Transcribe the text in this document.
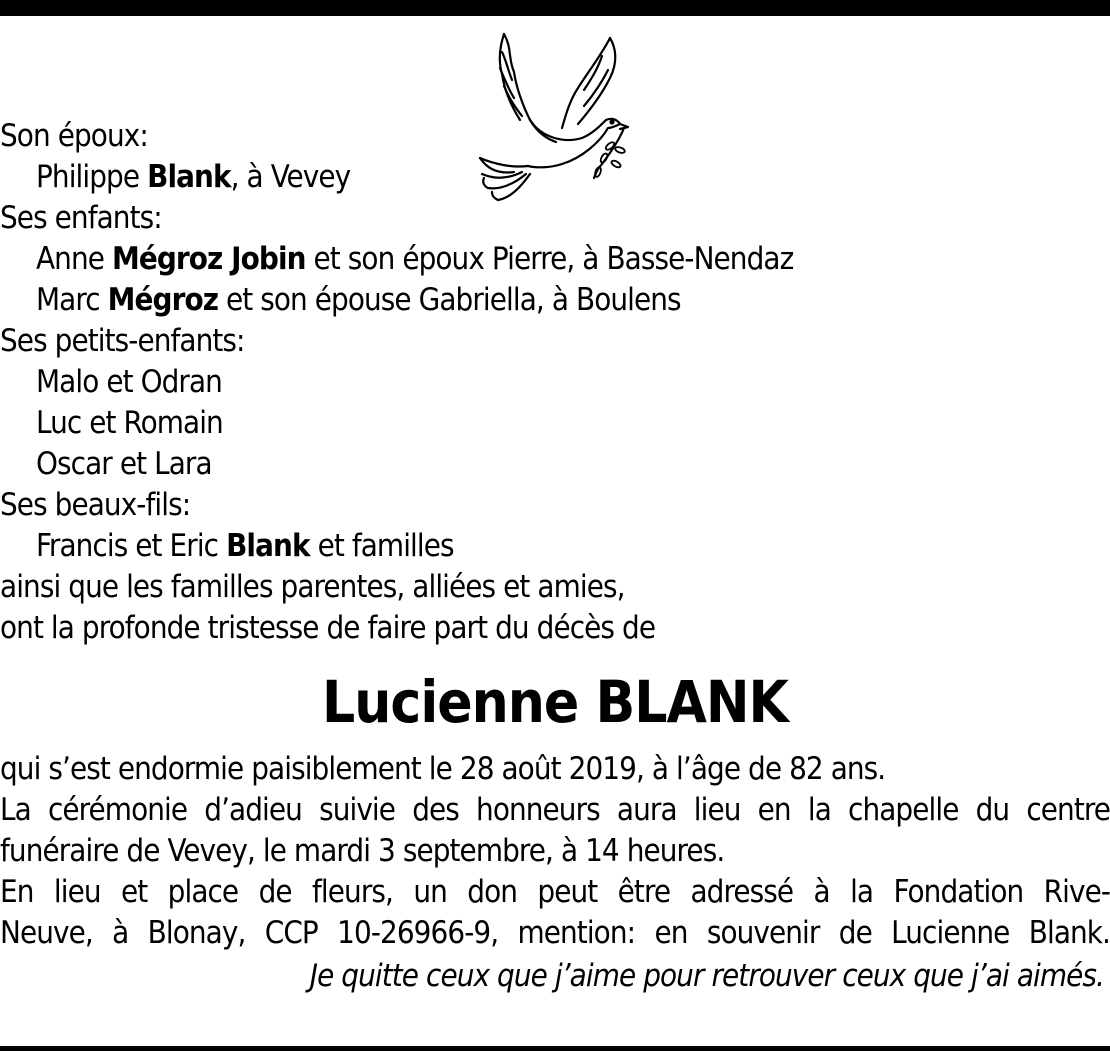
Son époux:
Philippe Blank, à Vevey
Ses enfants:
Anne Mégroz Jobin et son époux Pierre, à Basse-Nendaz
Marc Mégroz et son épouse Gabriella, à Boulens
Ses petits-enfants:
Malo et Odran
Luc et Romain
Oscar et Lara
Ses beaux-fils:
Francis et Eric Blank et familles
ainsi que les familles parentes, alliées et amies,
ont la profonde tristesse de faire part du décès de
Lucienne BLANK
qui s’est endormie paisiblement le 28 août 2019, à l’âge de 82 ans.
La cérémonie d’adieu suivie des honneurs aura lieu en la chapelle du centre
funéraire de Vevey, le mardi 3 septembre, à 14 heures.
En lieu et place de fleurs, un don peut être adressé à la Fondation Rive-
Neuve, à Blonay, CCP 10-26966-9, mention: en souvenir de Lucienne Blank.
Je quitte ceux que j’aime pour retrouver ceux que j’ai aimés.
